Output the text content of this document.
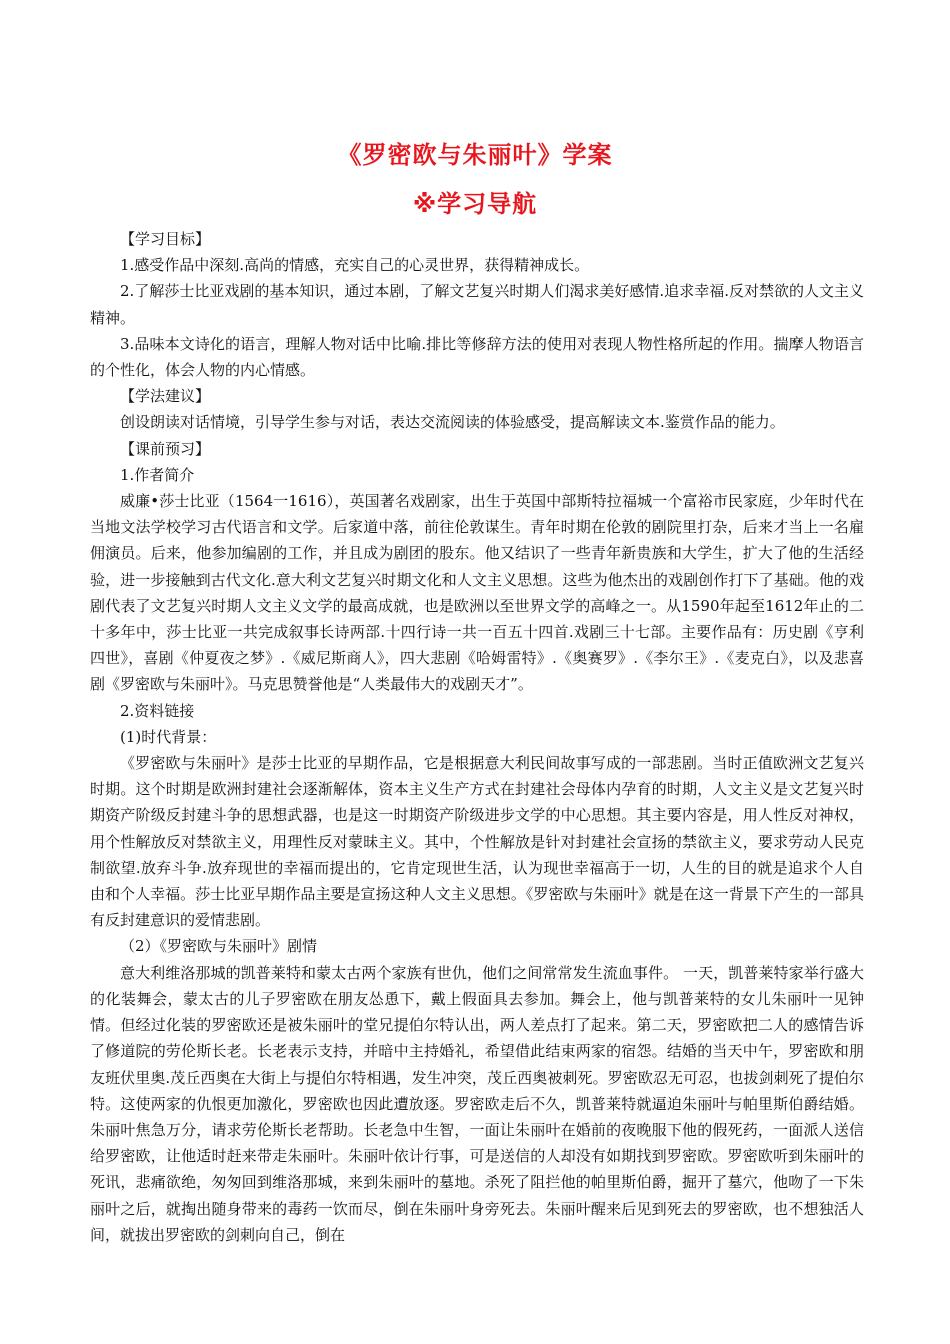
《罗密欧与朱丽叶》学案
※学习导航

【学习目标】

1.感受作品中深刻.高尚的情感，充实自己的心灵世界，获得精神成长。

2.了解莎士比亚戏剧的基本知识，通过本剧，了解文艺复兴时期人们渴求美好感情.追求幸福.反对禁欲的人文主义精神。

3.品味本文诗化的语言，理解人物对话中比喻.排比等修辞方法的使用对表现人物性格所起的作用。揣摩人物语言的个性化，体会人物的内心情感。

【学法建议】

创设朗读对话情境，引导学生参与对话，表达交流阅读的体验感受，提高解读文本.鉴赏作品的能力。

【课前预习】

1.作者简介

威廉•莎士比亚（1564一1616），英国著名戏剧家，出生于英国中部斯特拉福城一个富裕市民家庭，少年时代在当地文法学校学习古代语言和文学。后家道中落，前往伦敦谋生。青年时期在伦敦的剧院里打杂，后来才当上一名雇佣演员。后来，他参加编剧的工作，并且成为剧团的股东。他又结识了一些青年新贵族和大学生，扩大了他的生活经验，进一步接触到古代文化.意大利文艺复兴时期文化和人文主义思想。这些为他杰出的戏剧创作打下了基础。他的戏剧代表了文艺复兴时期人文主义文学的最高成就，也是欧洲以至世界文学的高峰之一。从1590年起至1612年止的二十多年中，莎士比亚一共完成叙事长诗两部.十四行诗一共一百五十四首.戏剧三十七部。主要作品有：历史剧《亨利四世》，喜剧《仲夏夜之梦》.《威尼斯商人》，四大悲剧《哈姆雷特》.《奥赛罗》.《李尔王》.《麦克白》，以及悲喜剧《罗密欧与朱丽叶》。马克思赞誉他是“人类最伟大的戏剧天才”。

2.资料链接

(1)时代背景：

《罗密欧与朱丽叶》是莎士比亚的早期作品，它是根据意大利民间故事写成的一部悲剧。当时正值欧洲文艺复兴时期。这个时期是欧洲封建社会逐渐解体，资本主义生产方式在封建社会母体内孕育的时期，人文主义是文艺复兴时期资产阶级反封建斗争的思想武器，也是这一时期资产阶级进步文学的中心思想。其主要内容是，用人性反对神权，用个性解放反对禁欲主义，用理性反对蒙昧主义。其中，个性解放是针对封建社会宣扬的禁欲主义，要求劳动人民克制欲望.放弃斗争.放弃现世的幸福而提出的，它肯定现世生活，认为现世幸福高于一切，人生的目的就是追求个人自由和个人幸福。莎士比亚早期作品主要是宣扬这种人文主义思想。《罗密欧与朱丽叶》就是在这一背景下产生的一部具有反封建意识的爱情悲剧。

（2）《罗密欧与朱丽叶》剧情

意大利维洛那城的凯普莱特和蒙太古两个家族有世仇，他们之间常常发生流血事件。 一天，凯普莱特家举行盛大的化装舞会，蒙太古的儿子罗密欧在朋友怂恿下，戴上假面具去参加。舞会上，他与凯普莱特的女儿朱丽叶一见钟情。但经过化装的罗密欧还是被朱丽叶的堂兄提伯尔特认出，两人差点打了起来。第二天，罗密欧把二人的感情告诉了修道院的劳伦斯长老。长老表示支持，并暗中主持婚礼，希望借此结束两家的宿怨。结婚的当天中午，罗密欧和朋友班伏里奥.茂丘西奥在大街上与提伯尔特相遇，发生冲突，茂丘西奥被刺死。罗密欧忍无可忍，也拔剑刺死了提伯尔特。这使两家的仇恨更加激化，罗密欧也因此遭放逐。罗密欧走后不久，凯普莱特就逼迫朱丽叶与帕里斯伯爵结婚。朱丽叶焦急万分，请求劳伦斯长老帮助。长老急中生智，一面让朱丽叶在婚前的夜晚服下他的假死药，一面派人送信给罗密欧，让他适时赶来带走朱丽叶。朱丽叶依计行事，可是送信的人却没有如期找到罗密欧。罗密欧听到朱丽叶的死讯，悲痛欲绝，匆匆回到维洛那城，来到朱丽叶的墓地。杀死了阻拦他的帕里斯伯爵，掘开了墓穴，他吻了一下朱丽叶之后，就掏出随身带来的毒药一饮而尽，倒在朱丽叶身旁死去。朱丽叶醒来后见到死去的罗密欧，也不想独活人间，就拔出罗密欧的剑刺向自己，倒在
